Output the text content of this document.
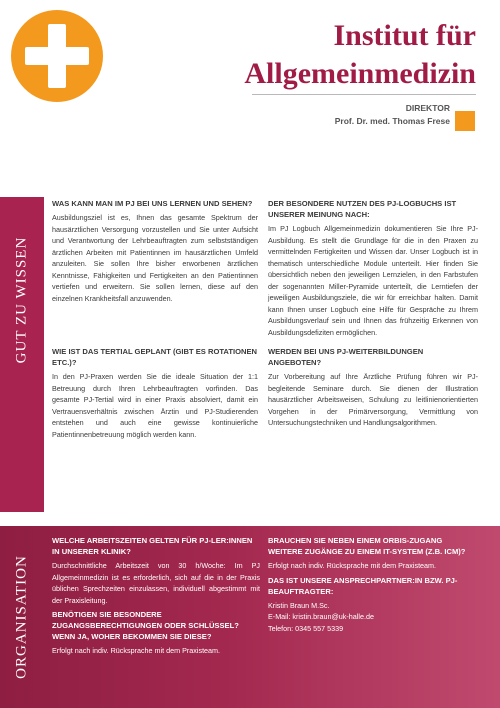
Institut für
Allgemeinmedizin
DIREKTOR
Prof. Dr. med. Thomas Frese
GUT ZU WISSEN
WAS KANN MAN IM PJ BEI UNS LERNEN UND SEHEN?

Ausbildungsziel ist es, Ihnen das gesamte Spektrum der hausärztlichen Versorgung vorzustellen und Sie unter Aufsicht und Verantwortung der Lehrbeauftragten zum selbstständigen ärztlichen Arbeiten mit Patientinnen im hausärztlichen Umfeld anzuleiten. Sie sollen Ihre bisher erworbenen ärztlichen Kenntnisse, Fähigkeiten und Fertigkeiten an den Patientinnen vertiefen und erweitern. Sie sollen lernen, diese auf den einzelnen Krankheitsfall anzuwenden.

WIE IST DAS TERTIAL GEPLANT (GIBT ES ROTATIONEN ETC.)?

In den PJ-Praxen werden Sie die ideale Situation der 1:1 Betreuung durch Ihren Lehrbeauftragten vorfinden. Das gesamte PJ-Tertial wird in einer Praxis absolviert, damit ein Vertrauensverhältnis zwischen Ärztin und PJ-Studierenden entstehen und auch eine gewisse kontinuierliche Patientinnenbetreuung möglich werden kann.

DER BESONDERE NUTZEN DES PJ-LOGBUCHS IST UNSERER MEINUNG NACH:

Im PJ Logbuch Allgemeinmedizin dokumentieren Sie Ihre PJ-Ausbildung. Es stellt die Grundlage für die in den Praxen zu vermittelnden Fertigkeiten und Wissen dar. Unser Logbuch ist in thematisch unterschiedliche Module unterteilt. Hier finden Sie übersichtlich neben den jeweiligen Lernzielen, in den Farbstufen der sogenannten Miller-Pyramide unterteilt, die Lerntiefen der jeweiligen Ausbildungsziele, die wir für erreichbar halten. Damit kann Ihnen unser Logbuch eine Hilfe für Gespräche zu Ihrem Ausbildungsverlauf sein und Ihnen das frühzeitig Erkennen von Ausbildungsdefiziten ermöglichen.

WERDEN BEI UNS PJ-WEITERBILDUNGEN ANGEBOTEN?

Zur Vorbereitung auf Ihre Ärztliche Prüfung führen wir PJ-begleitende Seminare durch. Sie dienen der Illustration hausärztlicher Arbeitsweisen, Schulung zu leitlinienorientierten Vorgehen in der Primärversorgung, Vermittlung von Untersuchungstechniken und Handlungsalgorithmen.

ORGANISATION
WELCHE ARBEITSZEITEN GELTEN FÜR PJ-LER:INNEN IN UNSERER KLINIK?

Durchschnittliche Arbeitszeit von 30 h/Woche: Im PJ Allgemeinmedizin ist es erforderlich, sich auf die in der Praxis üblichen Sprechzeiten einzulassen, individuell abgestimmt mit der Praxisleitung.

BENÖTIGEN SIE BESONDERE ZUGANGSBERECHTIGUNGEN ODER SCHLÜSSEL? WENN JA, WOHER BEKOMMEN SIE DIESE?

Erfolgt nach indiv. Rücksprache mit dem Praxisteam.

BRAUCHEN SIE NEBEN EINEM ORBIS-ZUGANG WEITERE ZUGÄNGE ZU EINEM IT-SYSTEM (Z.B. ICM)?

Erfolgt nach indiv. Rücksprache mit dem Praxisteam.

DAS IST UNSERE ANSPRECHPARTNER:IN BZW. PJ-BEAUFTRAGTER:
Kristin Braun M.Sc.
E-Mail: kristin.braun@uk-halle.de
Telefon: 0345 557 5339
